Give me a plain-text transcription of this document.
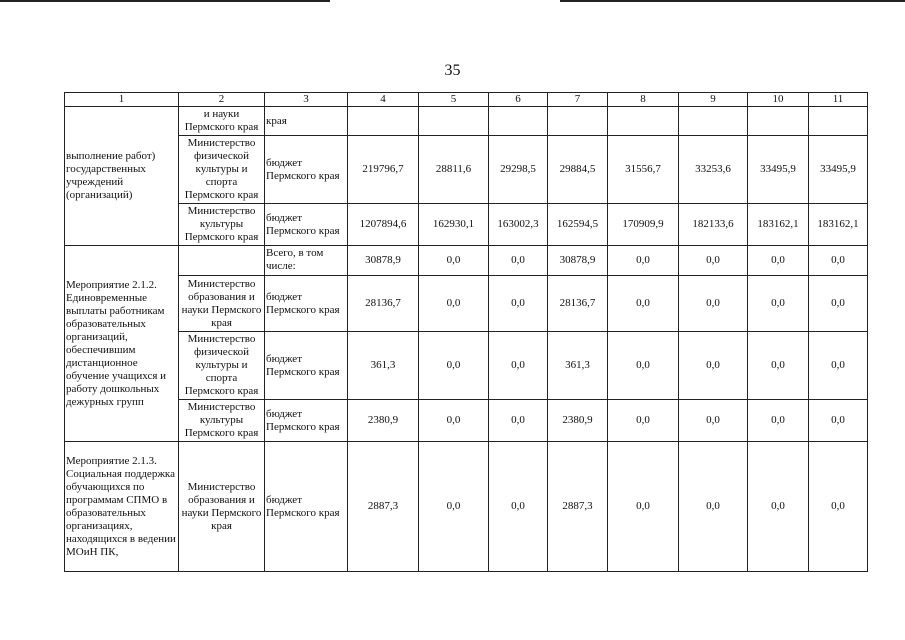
35
1	2	3	4	5	6	7	8	9	10	11
выполнение работ) государственных учреждений (организаций)	и науки Пермского края	края								
	Министерство физической культуры и спорта Пермского края	бюджет Пермского края	219796,7	28811,6	29298,5	29884,5	31556,7	33253,6	33495,9	33495,9
	Министерство культуры Пермского края	бюджет Пермского края	1207894,6	162930,1	163002,3	162594,5	170909,9	182133,6	183162,1	183162,1
Мероприятие 2.1.2. Единовременные выплаты работникам образовательных организаций, обеспечившим дистанционное обучение учащихся и работу дошкольных дежурных групп		Всего, в том числе:	30878,9	0,0	0,0	30878,9	0,0	0,0	0,0	0,0
	Министерство образования и науки Пермского края	бюджет Пермского края	28136,7	0,0	0,0	28136,7	0,0	0,0	0,0	0,0
	Министерство физической культуры и спорта Пермского края	бюджет Пермского края	361,3	0,0	0,0	361,3	0,0	0,0	0,0	0,0
	Министерство культуры Пермского края	бюджет Пермского края	2380,9	0,0	0,0	2380,9	0,0	0,0	0,0	0,0
Мероприятие 2.1.3. Социальная поддержка обучающихся по программам СПМО в образовательных организациях, находящихся в ведении МОиН ПК,	Министерство образования и науки Пермского края	бюджет Пермского края	2887,3	0,0	0,0	2887,3	0,0	0,0	0,0	0,0
